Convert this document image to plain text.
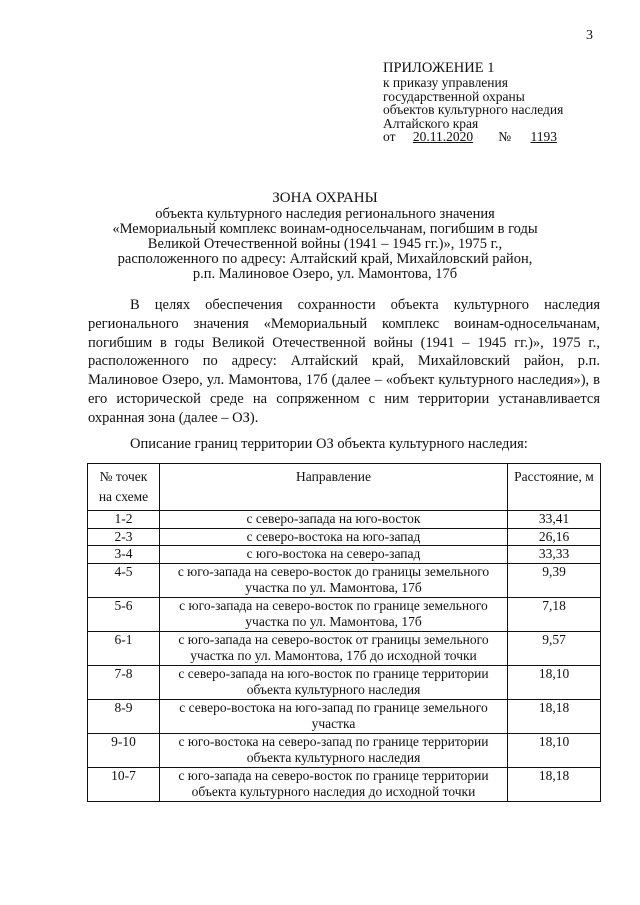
3
ПРИЛОЖЕНИЕ 1
к приказу управления
государственной охраны
объектов культурного наследия
Алтайского края
от 20.11.2020 № 1193
ЗОНА ОХРАНЫ
объекта культурного наследия регионального значения
«Мемориальный комплекс воинам-односельчанам, погибшим в годы
Великой Отечественной войны (1941 – 1945 гг.)», 1975 г.,
расположенного по адресу: Алтайский край, Михайловский район,
р.п. Малиновое Озеро, ул. Мамонтова, 17б

В целях обеспечения сохранности объекта культурного наследия регионального значения «Мемориальный комплекс воинам-односельчанам, погибшим в годы Великой Отечественной войны (1941 – 1945 гг.)», 1975 г., расположенного по адресу: Алтайский край, Михайловский район, р.п. Малиновое Озеро, ул. Мамонтова, 17б (далее – «объект культурного наследия»), в его исторической среде на сопряженном с ним территории устанавливается охранная зона (далее – ОЗ).

Описание границ территории ОЗ объекта культурного наследия:
№ точек на схеме	Направление	Расстояние, м
1-2	с северо-запада на юго-восток	33,41
2-3	с северо-востока на юго-запад	26,16
3-4	с юго-востока на северо-запад	33,33
4-5	с юго-запада на северо-восток до границы земельного участка по ул. Мамонтова, 17б	9,39
5-6	с юго-запада на северо-восток по границе земельного участка по ул. Мамонтова, 17б	7,18
6-1	с юго-запада на северо-восток от границы земельного участка по ул. Мамонтова, 17б до исходной точки	9,57
7-8	с северо-запада на юго-восток по границе территории объекта культурного наследия	18,10
8-9	с северо-востока на юго-запад по границе земельного участка	18,18
9-10	с юго-востока на северо-запад по границе территории объекта культурного наследия	18,10
10-7	с юго-запада на северо-восток по границе территории объекта культурного наследия до исходной точки	18,18
